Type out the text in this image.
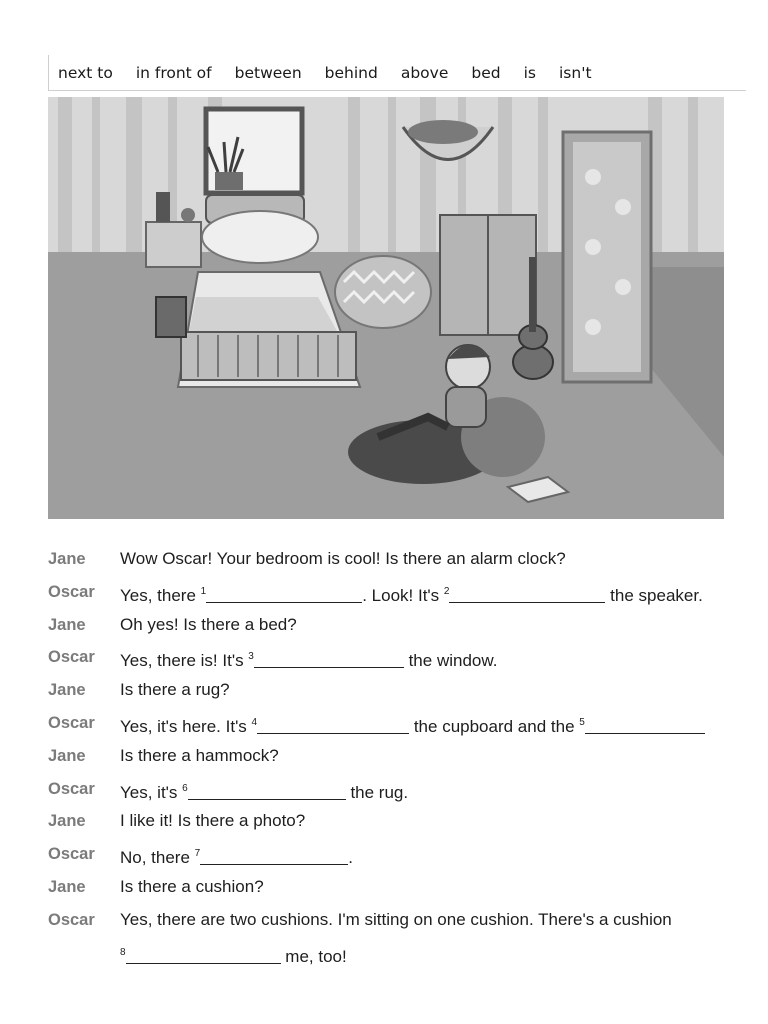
next to in front of between behind above bed is isn't
Jane Wow Oscar! Your bedroom is cool! Is there an alarm clock?
Oscar Yes, there $^1$	. Look! It's $^2$	the speaker.
Jane Oh yes! Is there a bed?
Oscar Yes, there is! It's $^3$	the window.
Jane Is there a rug?
Oscar Yes, it's here. It's $^4$	the cupboard and the $^5$
Jane Is there a hammock?
Oscar Yes, it's $^6$	the rug.
Jane I like it! Is there a photo?
Oscar No, there $^7$	.
Jane Is there a cushion?
Oscar Yes, there are two cushions. I'm sitting on one cushion. There's a cushion
$^8$	me, too!
